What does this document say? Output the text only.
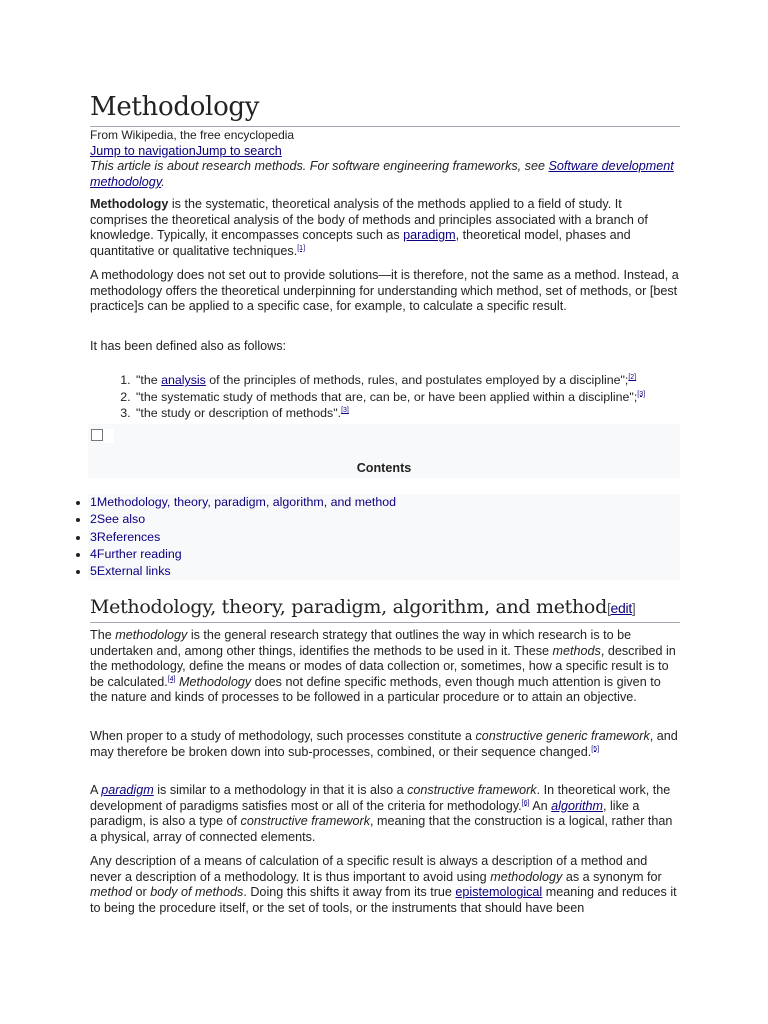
Methodology
From Wikipedia, the free encyclopedia
Jump to navigationJump to search
This article is about research methods. For software engineering frameworks, see Software development methodology.

Methodology is the systematic, theoretical analysis of the methods applied to a field of study. It comprises the theoretical analysis of the body of methods and principles associated with a branch of knowledge. Typically, it encompasses concepts such as paradigm, theoretical model, phases and quantitative or qualitative techniques.[1]

A methodology does not set out to provide solutions—it is therefore, not the same as a method. Instead, a methodology offers the theoretical underpinning for understanding which method, set of methods, or [best practice]s can be applied to a specific case, for example, to calculate a specific result.

It has been defined also as follows:

1. "the analysis of the principles of methods, rules, and postulates employed by a discipline";[2]
2. "the systematic study of methods that are, can be, or have been applied within a discipline";[3]
3. "the study or description of methods".[3]
Contents
• 1Methodology, theory, paradigm, algorithm, and method
• 2See also
• 3References
• 4Further reading
• 5External links
Methodology, theory, paradigm, algorithm, and method[edit]

The methodology is the general research strategy that outlines the way in which research is to be undertaken and, among other things, identifies the methods to be used in it. These methods, described in the methodology, define the means or modes of data collection or, sometimes, how a specific result is to be calculated.[4] Methodology does not define specific methods, even though much attention is given to the nature and kinds of processes to be followed in a particular procedure or to attain an objective.

When proper to a study of methodology, such processes constitute a constructive generic framework, and may therefore be broken down into sub-processes, combined, or their sequence changed.[5]

A paradigm is similar to a methodology in that it is also a constructive framework. In theoretical work, the development of paradigms satisfies most or all of the criteria for methodology.[6] An algorithm, like a paradigm, is also a type of constructive framework, meaning that the construction is a logical, rather than a physical, array of connected elements.

Any description of a means of calculation of a specific result is always a description of a method and never a description of a methodology. It is thus important to avoid using methodology as a synonym for method or body of methods. Doing this shifts it away from its true epistemological meaning and reduces it to being the procedure itself, or the set of tools, or the instruments that should have been
